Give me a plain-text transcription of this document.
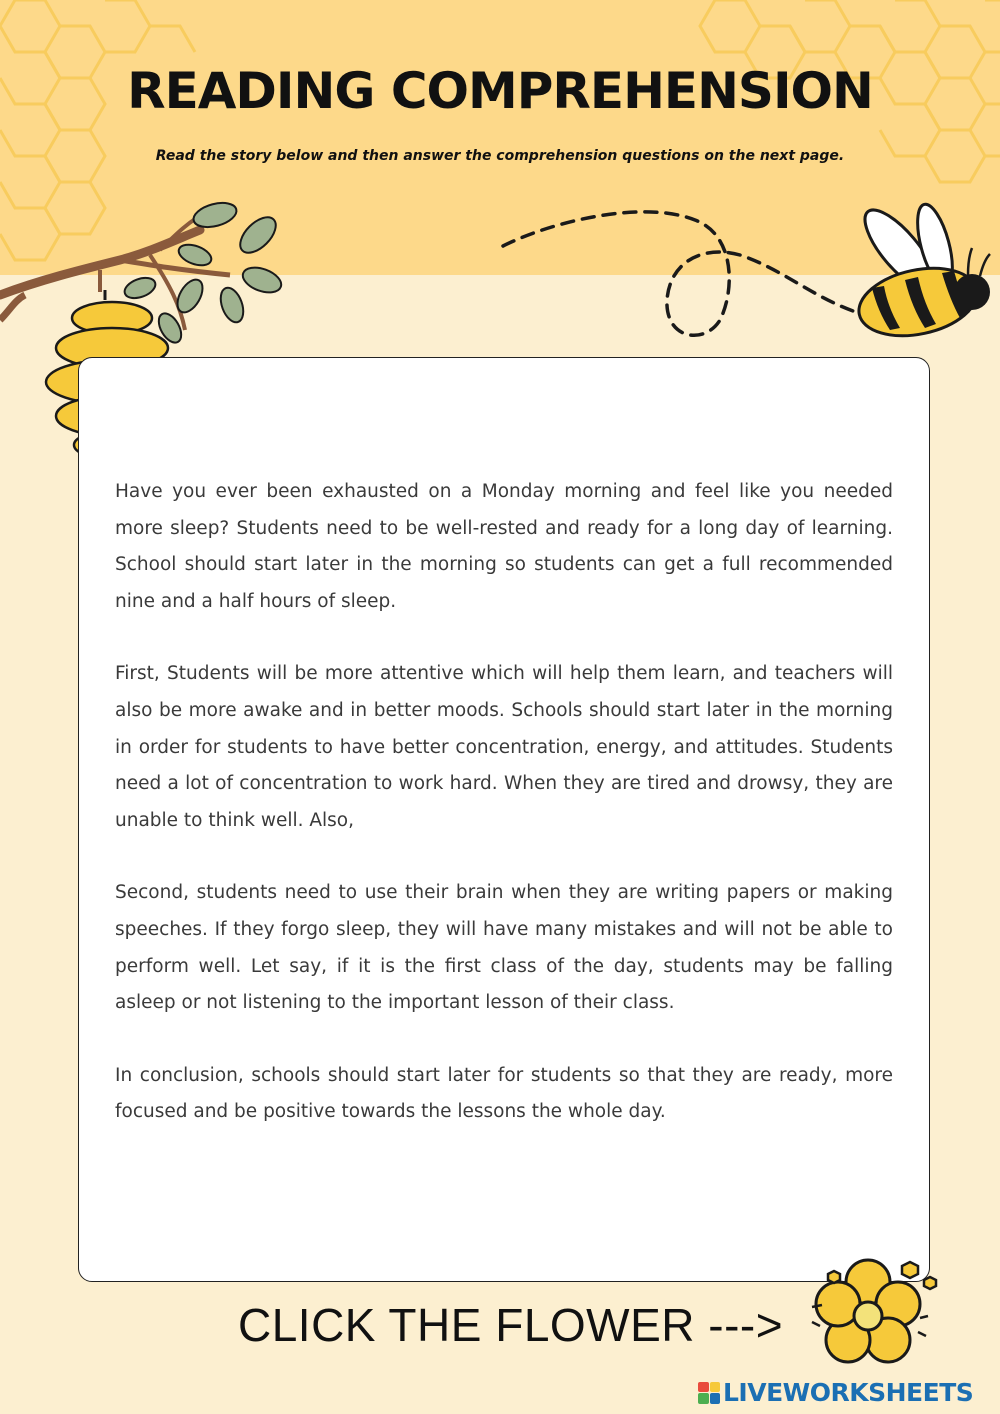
READING COMPREHENSION
Read the story below and then answer the comprehension questions on the next page.

Have you ever been exhausted on a Monday morning and feel like you needed more sleep? Students need to be well-rested and ready for a long day of learning. School should start later in the morning so students can get a full recommended nine and a half hours of sleep.

First, Students will be more attentive which will help them learn, and teachers will also be more awake and in better moods. Schools should start later in the morning in order for students to have better concentration, energy, and attitudes. Students need a lot of concentration to work hard. When they are tired and drowsy, they are unable to think well. Also,

Second, students need to use their brain when they are writing papers or making speeches. If they forgo sleep, they will have many mistakes and will not be able to perform well. Let say, if it is the first class of the day, students may be falling asleep or not listening to the important lesson of their class.

In conclusion, schools should start later for students so that they are ready, more focused and be positive towards the lessons the whole day.

CLICK THE FLOWER --->
LIVEWORKSHEETS
